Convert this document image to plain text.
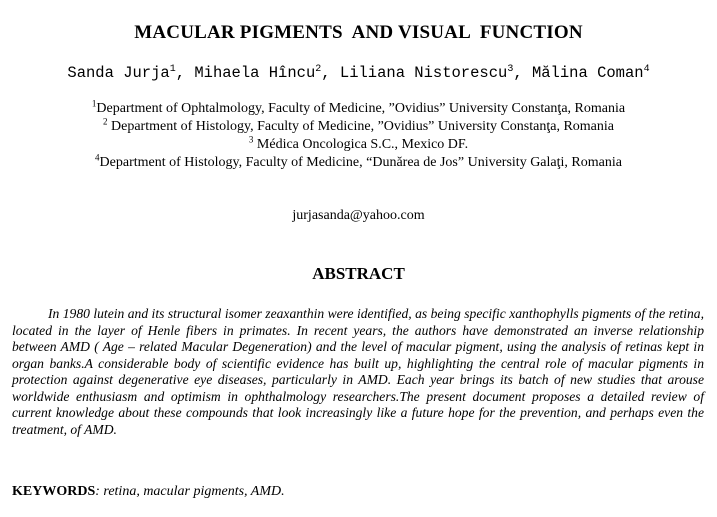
MACULAR PIGMENTS  AND VISUAL  FUNCTION
Sanda Jurja$^1$, Mihaela Hîncu$^2$, Liliana Nistorescu$^3$, Mălina Coman$^4$
$^1$Department of Ophtalmology, Faculty of Medicine, ”Ovidius” University Constanţa, Romania
$^2$ Department of Histology, Faculty of Medicine, ”Ovidius” University Constanţa, Romania
$^3$ Médica Oncologica S.C., Mexico DF.
$^4$Department of Histology, Faculty of Medicine, “Dunărea de Jos” University Galaţi, Romania
jurjasanda@yahoo.com
ABSTRACT
In 1980 lutein and its structural isomer zeaxanthin were identified, as being specific xanthophylls pigments of the retina, located in the layer of Henle fibers in primates. In recent years, the authors have demonstrated an inverse relationship between AMD ( Age – related Macular Degeneration) and the level of macular pigment, using the analysis of retinas kept in organ banks.A considerable body of scientific evidence has built up, highlighting the central role of macular pigments in protection against degenerative eye diseases, particularly in AMD. Each year brings its batch of new studies that arouse worldwide enthusiasm and optimism in ophthalmology researchers.The present document proposes a detailed review of current knowledge about these compounds that look increasingly like a future hope for the prevention, and perhaps even the treatment, of AMD.
KEYWORDS: retina, macular pigments, AMD.
